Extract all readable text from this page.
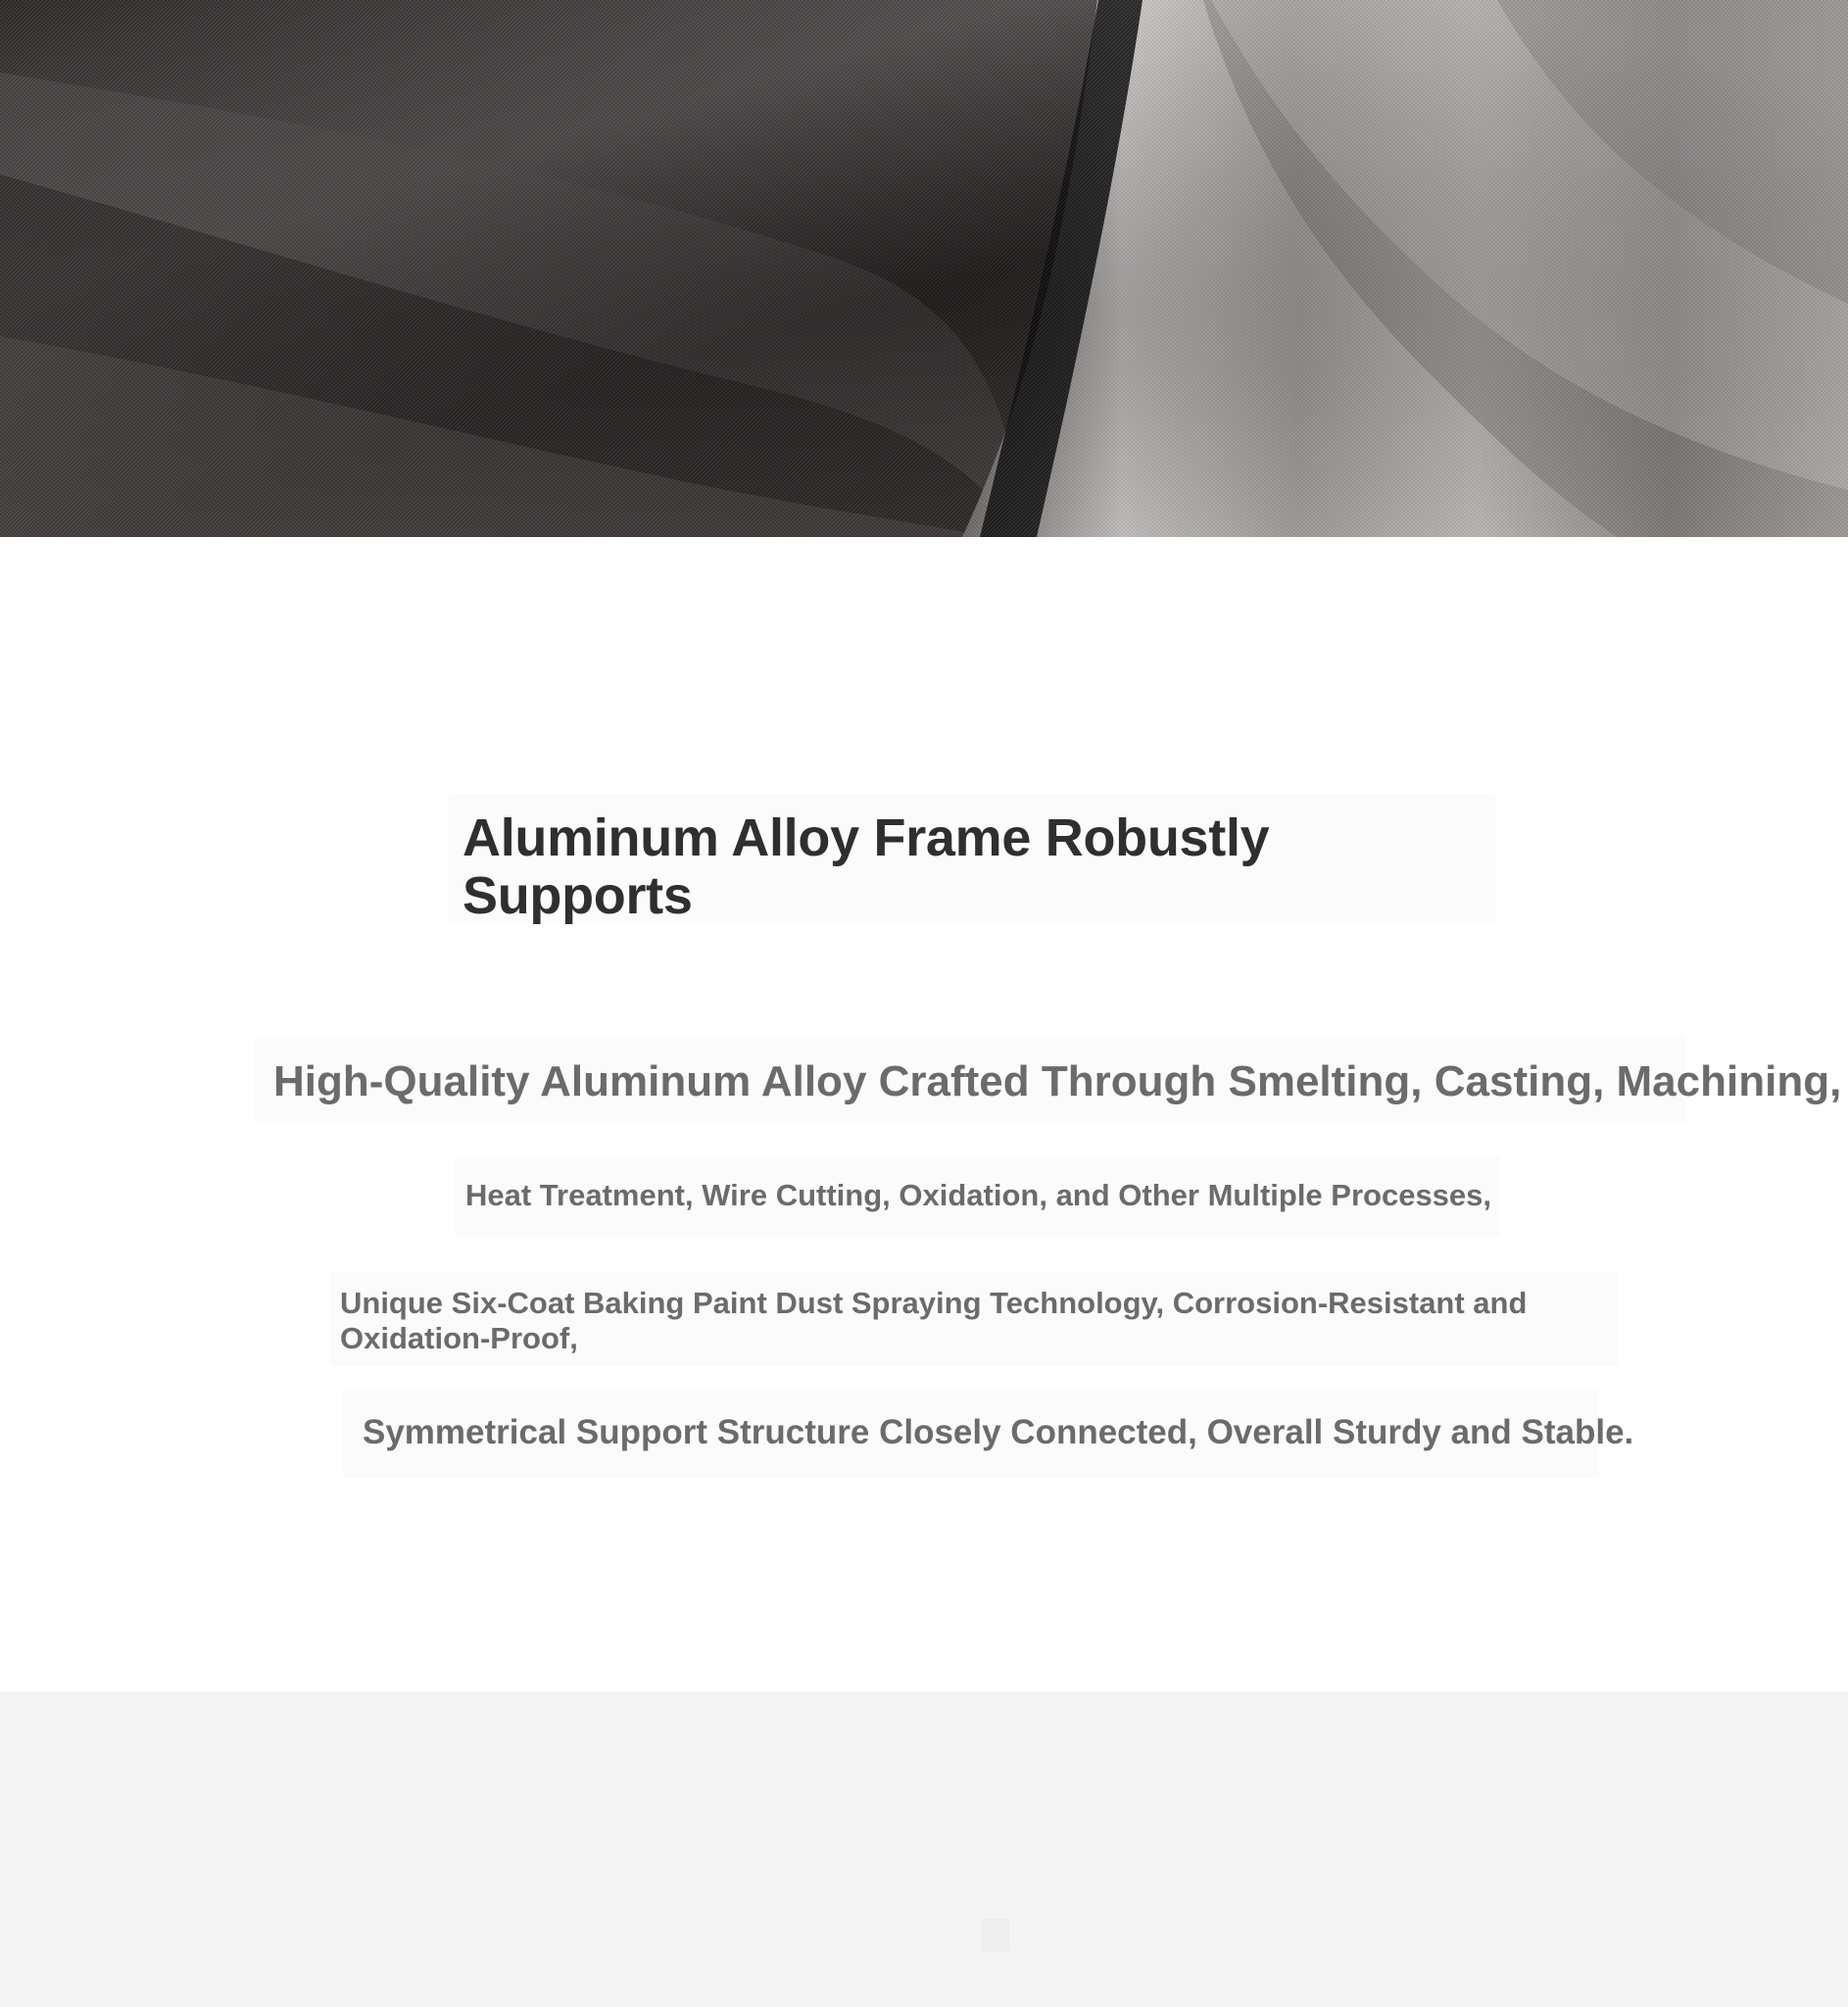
Aluminum Alloy Frame Robustly Supports

High-Quality Aluminum Alloy Crafted Through Smelting, Casting, Machining,

Heat Treatment, Wire Cutting, Oxidation, and Other Multiple Processes,

Unique Six-Coat Baking Paint Dust Spraying Technology, Corrosion-Resistant and Oxidation-Proof,

Symmetrical Support Structure Closely Connected, Overall Sturdy and Stable.
